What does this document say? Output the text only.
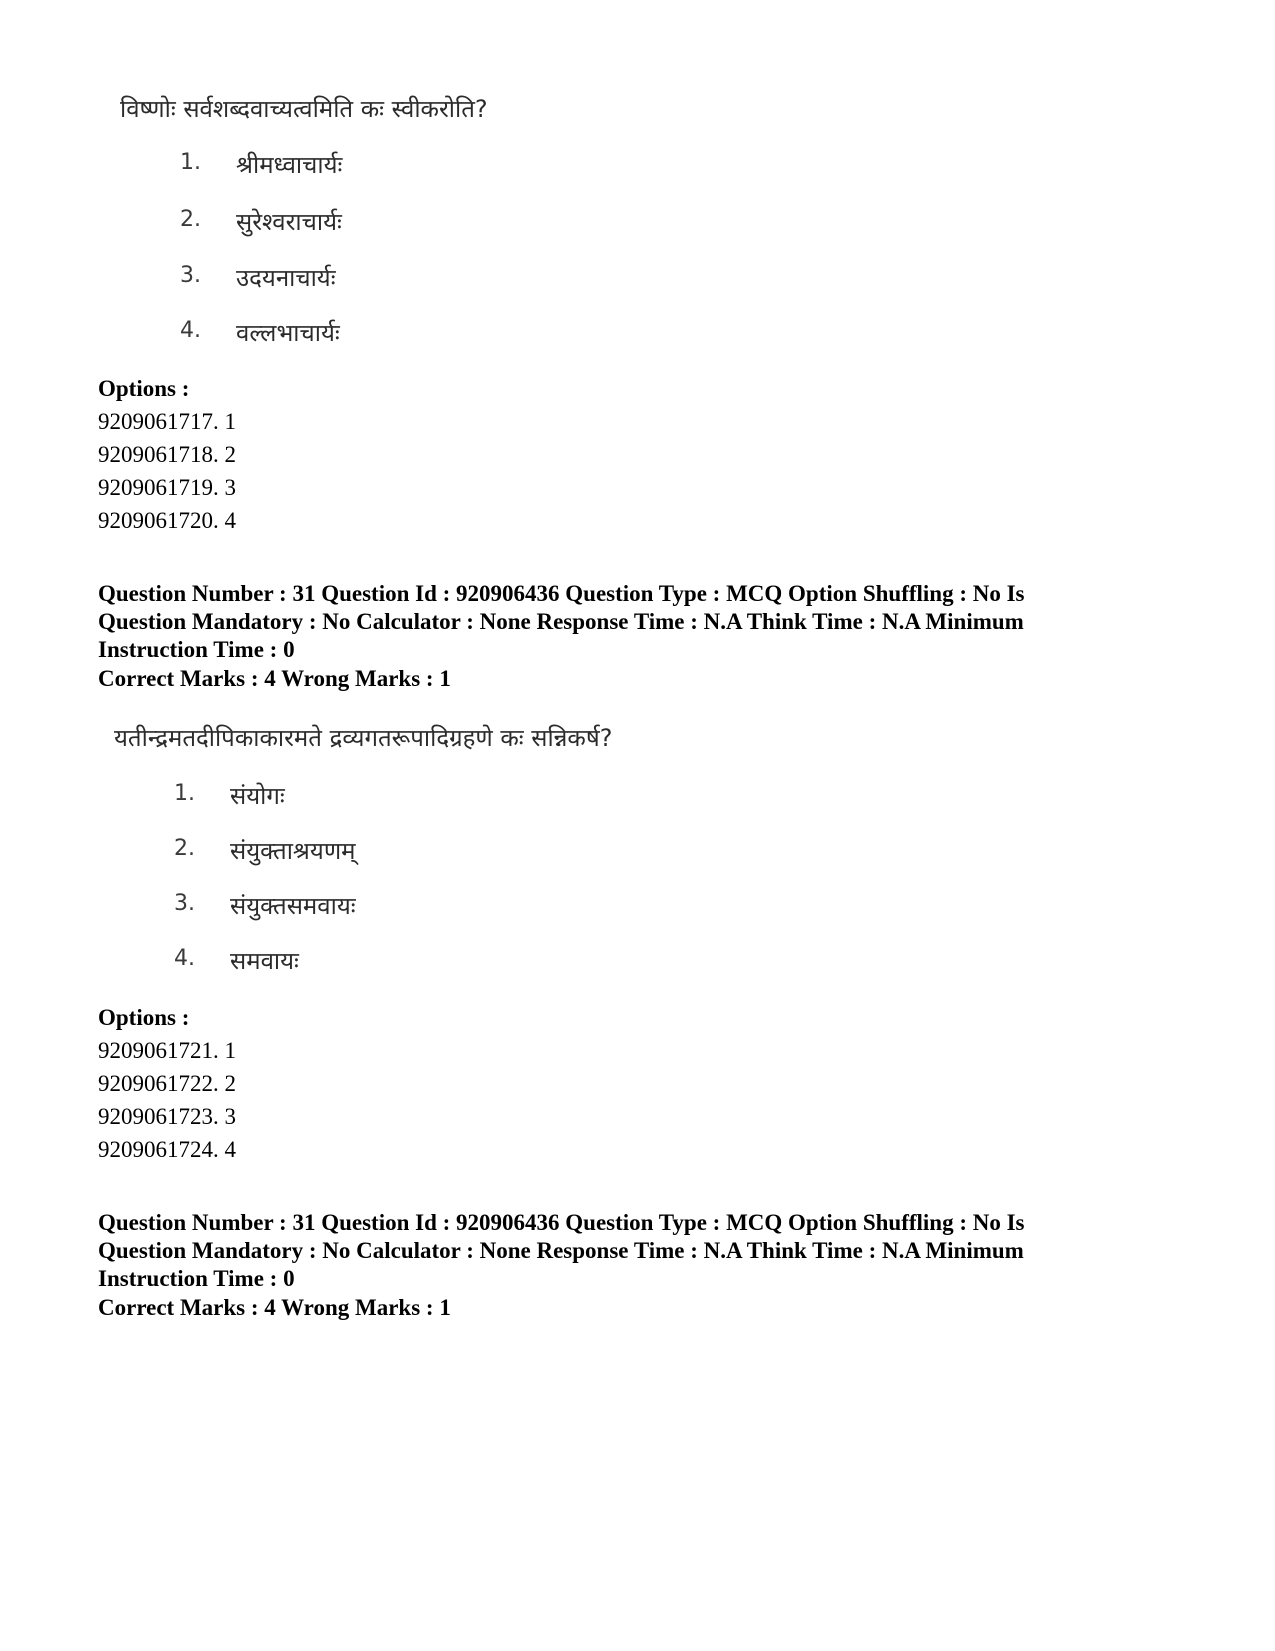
विष्णोः सर्वशब्दवाच्यत्वमिति कः स्वीकरोति?
1. श्रीमध्वाचार्यः
2. सुरेश्वराचार्यः
3. उदयनाचार्यः
4. वल्लभाचार्यः
Options :
9209061717. 1
9209061718. 2
9209061719. 3
9209061720. 4
Question Number : 31 Question Id : 920906436 Question Type : MCQ Option Shuffling : No Is
Question Mandatory : No Calculator : None Response Time : N.A Think Time : N.A Minimum
Instruction Time : 0
Correct Marks : 4 Wrong Marks : 1
यतीन्द्रमतदीपिकाकारमते द्रव्यगतरूपादिग्रहणे कः सन्निकर्ष?
1. संयोगः
2. संयुक्ताश्रयणम्
3. संयुक्तसमवायः
4. समवायः
Options :
9209061721. 1
9209061722. 2
9209061723. 3
9209061724. 4
Question Number : 31 Question Id : 920906436 Question Type : MCQ Option Shuffling : No Is
Question Mandatory : No Calculator : None Response Time : N.A Think Time : N.A Minimum
Instruction Time : 0
Correct Marks : 4 Wrong Marks : 1
